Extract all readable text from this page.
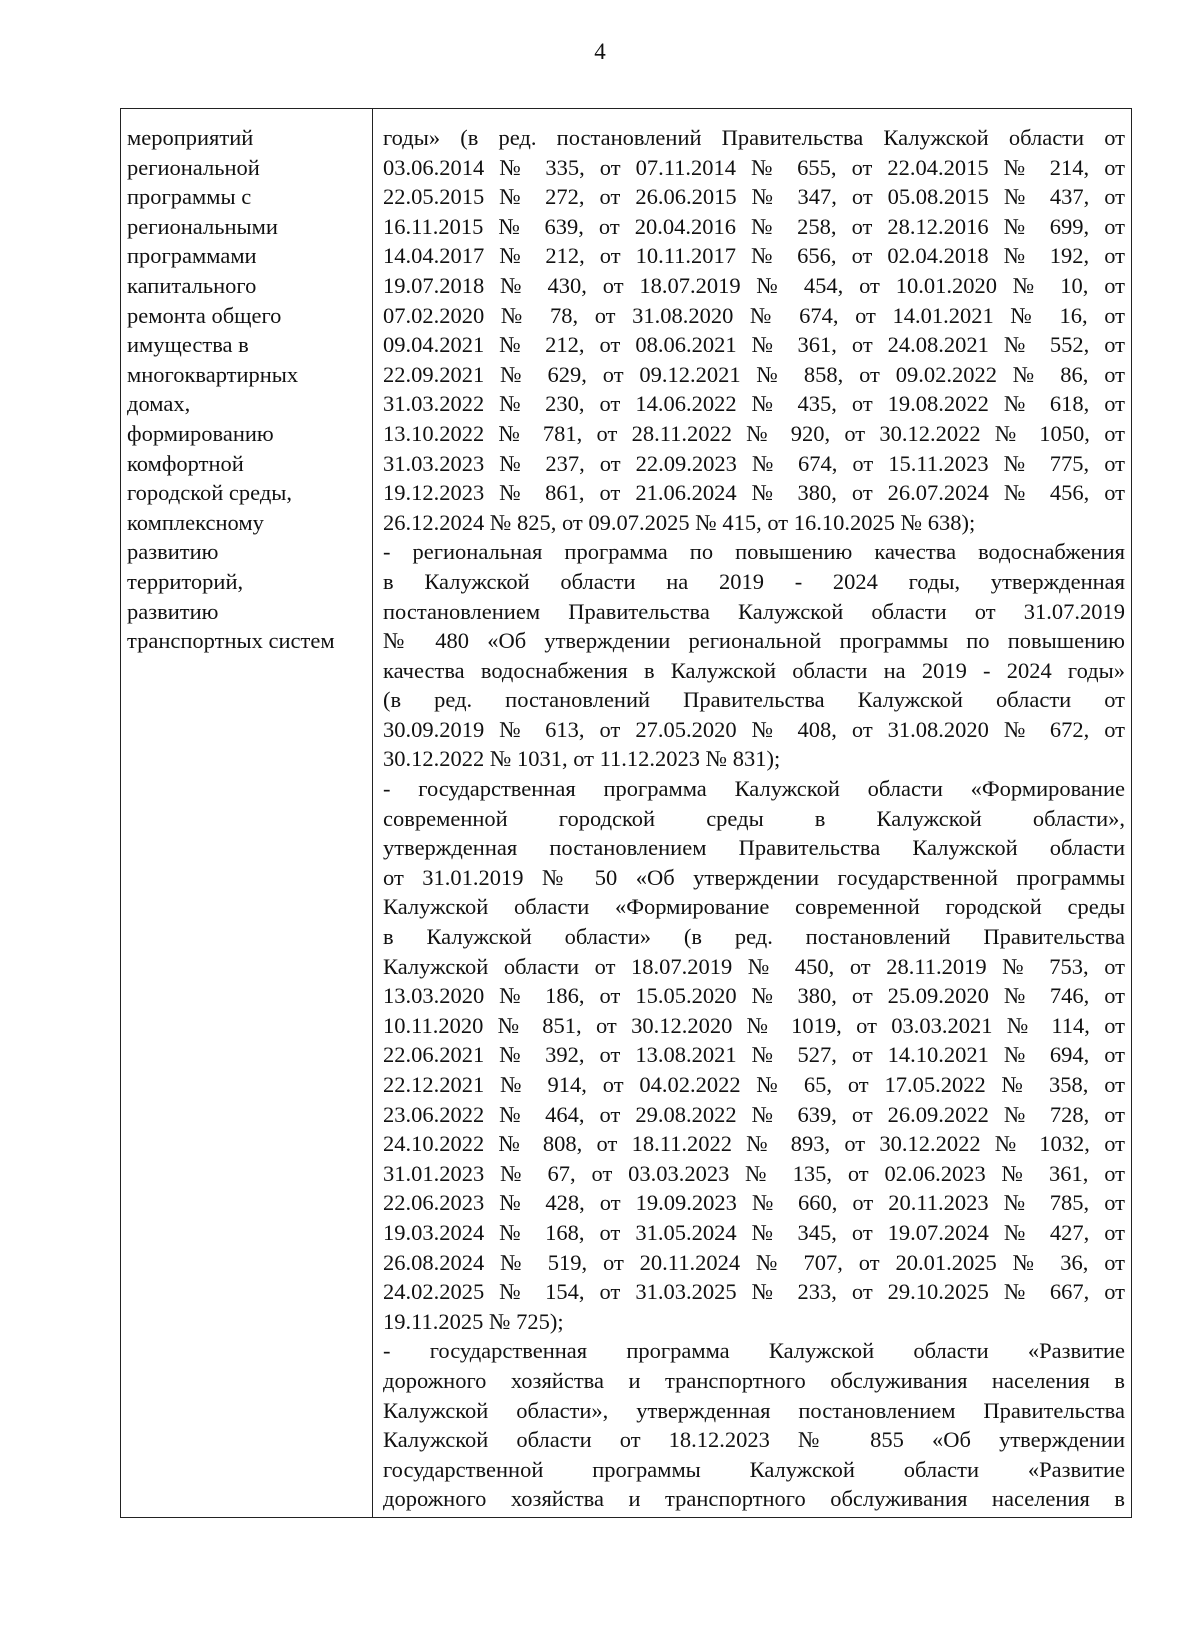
4
мероприятий
региональной
программы с
региональными
программами
капитального
ремонта общего
имущества в
многоквартирных
домах,
формированию
комфортной
городской среды,
комплексному
развитию
территорий,
развитию
транспортных систем
годы» (в ред. постановлений Правительства Калужской области от
03.06.2014 № 335, от 07.11.2014 № 655, от 22.04.2015 № 214, от
22.05.2015 № 272, от 26.06.2015 № 347, от 05.08.2015 № 437, от
16.11.2015 № 639, от 20.04.2016 № 258, от 28.12.2016 № 699, от
14.04.2017 № 212, от 10.11.2017 № 656, от 02.04.2018 № 192, от
19.07.2018 № 430, от 18.07.2019 № 454, от 10.01.2020 № 10, от
07.02.2020 № 78, от 31.08.2020 № 674, от 14.01.2021 № 16, от
09.04.2021 № 212, от 08.06.2021 № 361, от 24.08.2021 № 552, от
22.09.2021 № 629, от 09.12.2021 № 858, от 09.02.2022 № 86, от
31.03.2022 № 230, от 14.06.2022 № 435, от 19.08.2022 № 618, от
13.10.2022 № 781, от 28.11.2022 № 920, от 30.12.2022 № 1050, от
31.03.2023 № 237, от 22.09.2023 № 674, от 15.11.2023 № 775, от
19.12.2023 № 861, от 21.06.2024 № 380, от 26.07.2024 № 456, от
26.12.2024 № 825, от 09.07.2025 № 415, от 16.10.2025 № 638);
- региональная программа по повышению качества водоснабжения
в Калужской области на 2019 - 2024 годы, утвержденная
постановлением Правительства Калужской области от 31.07.2019
№ 480 «Об утверждении региональной программы по повышению
качества водоснабжения в Калужской области на 2019 - 2024 годы»
(в ред. постановлений Правительства Калужской области от
30.09.2019 № 613, от 27.05.2020 № 408, от 31.08.2020 № 672, от
30.12.2022 № 1031, от 11.12.2023 № 831);
- государственная программа Калужской области «Формирование
современной городской среды в Калужской области»,
утвержденная постановлением Правительства Калужской области
от 31.01.2019 № 50 «Об утверждении государственной программы
Калужской области «Формирование современной городской среды
в Калужской области» (в ред. постановлений Правительства
Калужской области от 18.07.2019 № 450, от 28.11.2019 № 753, от
13.03.2020 № 186, от 15.05.2020 № 380, от 25.09.2020 № 746, от
10.11.2020 № 851, от 30.12.2020 № 1019, от 03.03.2021 № 114, от
22.06.2021 № 392, от 13.08.2021 № 527, от 14.10.2021 № 694, от
22.12.2021 № 914, от 04.02.2022 № 65, от 17.05.2022 № 358, от
23.06.2022 № 464, от 29.08.2022 № 639, от 26.09.2022 № 728, от
24.10.2022 № 808, от 18.11.2022 № 893, от 30.12.2022 № 1032, от
31.01.2023 № 67, от 03.03.2023 № 135, от 02.06.2023 № 361, от
22.06.2023 № 428, от 19.09.2023 № 660, от 20.11.2023 № 785, от
19.03.2024 № 168, от 31.05.2024 № 345, от 19.07.2024 № 427, от
26.08.2024 № 519, от 20.11.2024 № 707, от 20.01.2025 № 36, от
24.02.2025 № 154, от 31.03.2025 № 233, от 29.10.2025 № 667, от
19.11.2025 № 725);
- государственная программа Калужской области «Развитие
дорожного хозяйства и транспортного обслуживания населения в
Калужской области», утвержденная постановлением Правительства
Калужской области от 18.12.2023 № 855 «Об утверждении
государственной программы Калужской области «Развитие
дорожного хозяйства и транспортного обслуживания населения в
